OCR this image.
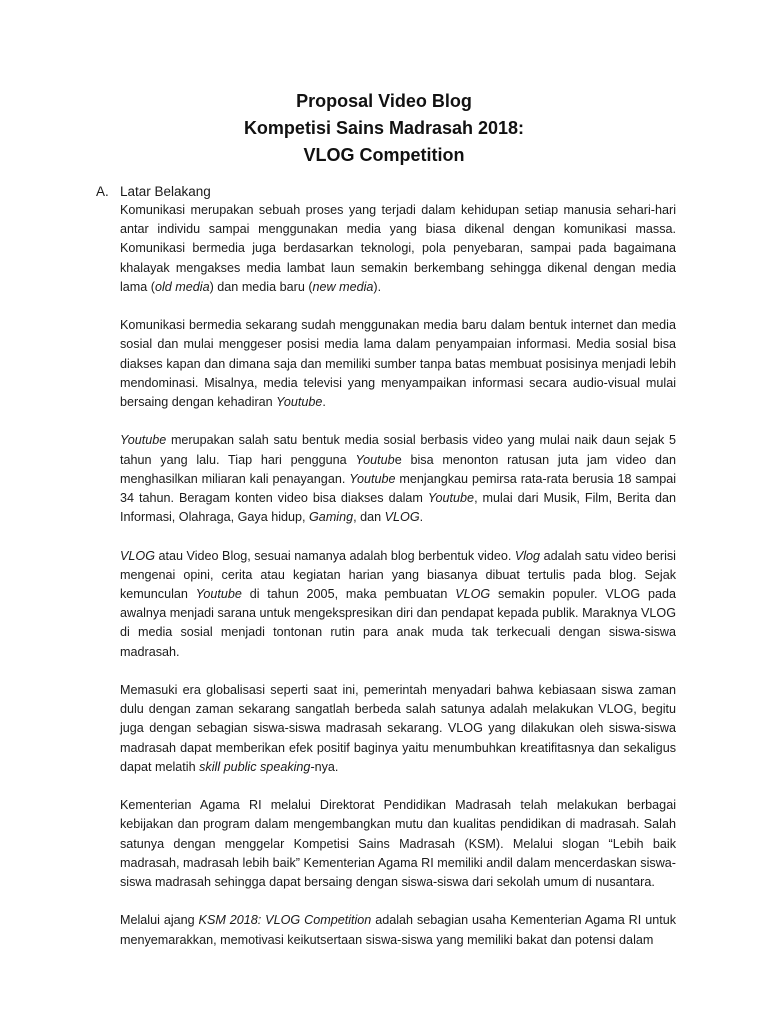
Proposal Video Blog
Kompetisi Sains Madrasah 2018:
VLOG Competition
A. Latar Belakang

Komunikasi merupakan sebuah proses yang terjadi dalam kehidupan setiap manusia sehari-hari antar individu sampai menggunakan media yang biasa dikenal dengan komunikasi massa. Komunikasi bermedia juga berdasarkan teknologi, pola penyebaran, sampai pada bagaimana khalayak mengakses media lambat laun semakin berkembang sehingga dikenal dengan media lama (old media) dan media baru (new media).

Komunikasi bermedia sekarang sudah menggunakan media baru dalam bentuk internet dan media sosial dan mulai menggeser posisi media lama dalam penyampaian informasi. Media sosial bisa diakses kapan dan dimana saja dan memiliki sumber tanpa batas membuat posisinya menjadi lebih mendominasi. Misalnya, media televisi yang menyampaikan informasi secara audio-visual mulai bersaing dengan kehadiran Youtube.

Youtube merupakan salah satu bentuk media sosial berbasis video yang mulai naik daun sejak 5 tahun yang lalu. Tiap hari pengguna Youtube bisa menonton ratusan juta jam video dan menghasilkan miliaran kali penayangan. Youtube menjangkau pemirsa rata-rata berusia 18 sampai 34 tahun. Beragam konten video bisa diakses dalam Youtube, mulai dari Musik, Film, Berita dan Informasi, Olahraga, Gaya hidup, Gaming, dan VLOG.

VLOG atau Video Blog, sesuai namanya adalah blog berbentuk video. Vlog adalah satu video berisi mengenai opini, cerita atau kegiatan harian yang biasanya dibuat tertulis pada blog. Sejak kemunculan Youtube di tahun 2005, maka pembuatan VLOG semakin populer. VLOG pada awalnya menjadi sarana untuk mengekspresikan diri dan pendapat kepada publik. Maraknya VLOG di media sosial menjadi tontonan rutin para anak muda tak terkecuali dengan siswa-siswa madrasah.

Memasuki era globalisasi seperti saat ini, pemerintah menyadari bahwa kebiasaan siswa zaman dulu dengan zaman sekarang sangatlah berbeda salah satunya adalah melakukan VLOG, begitu juga dengan sebagian siswa-siswa madrasah sekarang. VLOG yang dilakukan oleh siswa-siswa madrasah dapat memberikan efek positif baginya yaitu menumbuhkan kreatifitasnya dan sekaligus dapat melatih skill public speaking-nya.

Kementerian Agama RI melalui Direktorat Pendidikan Madrasah telah melakukan berbagai kebijakan dan program dalam mengembangkan mutu dan kualitas pendidikan di madrasah. Salah satunya dengan menggelar Kompetisi Sains Madrasah (KSM). Melalui slogan “Lebih baik madrasah, madrasah lebih baik” Kementerian Agama RI memiliki andil dalam mencerdaskan siswa-siswa madrasah sehingga dapat bersaing dengan siswa-siswa dari sekolah umum di nusantara.

Melalui ajang KSM 2018: VLOG Competition adalah sebagian usaha Kementerian Agama RI untuk menyemarakkan, memotivasi keikutsertaan siswa-siswa yang memiliki bakat dan potensi dalam
